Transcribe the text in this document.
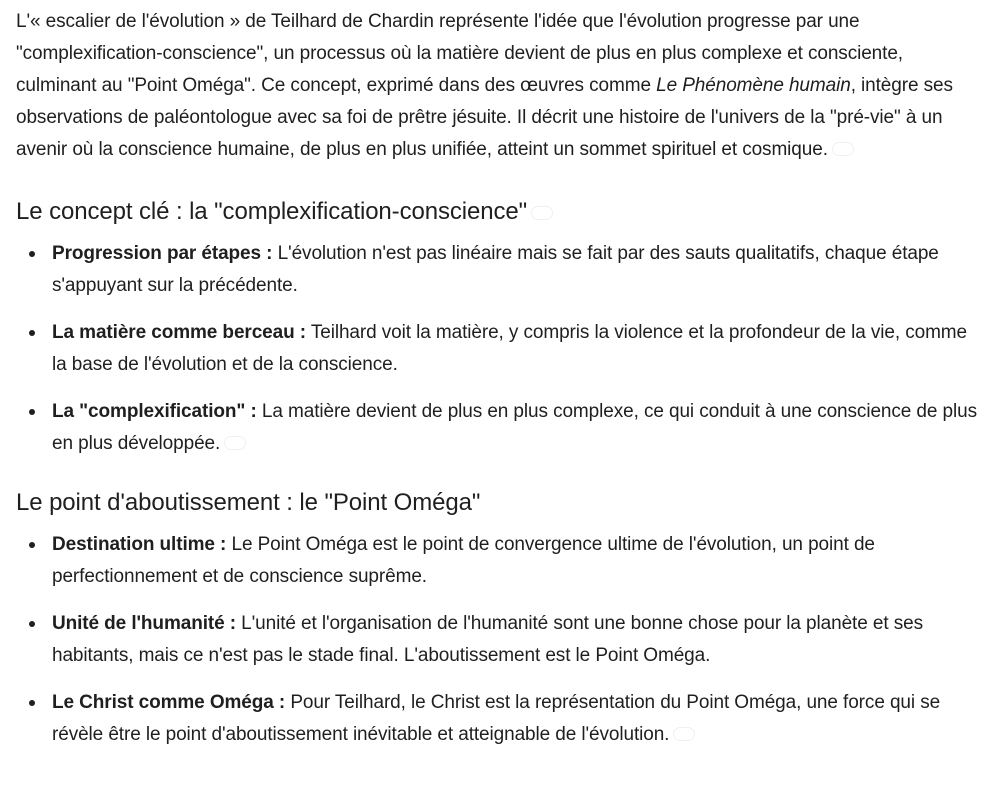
L'« escalier de l'évolution » de Teilhard de Chardin représente l'idée que l'évolution progresse par une "complexification-conscience", un processus où la matière devient de plus en plus complexe et consciente, culminant au "Point Oméga". Ce concept, exprimé dans des œuvres comme Le Phénomène humain, intègre ses observations de paléontologue avec sa foi de prêtre jésuite. Il décrit une histoire de l'univers de la "pré-vie" à un avenir où la conscience humaine, de plus en plus unifiée, atteint un sommet spirituel et cosmique.

Le concept clé : la "complexification-conscience"
Progression par étapes : L'évolution n'est pas linéaire mais se fait par des sauts qualitatifs, chaque étape s'appuyant sur la précédente.
La matière comme berceau : Teilhard voit la matière, y compris la violence et la profondeur de la vie, comme la base de l'évolution et de la conscience.
La "complexification" : La matière devient de plus en plus complexe, ce qui conduit à une conscience de plus en plus développée.
Le point d'aboutissement : le "Point Oméga"
Destination ultime : Le Point Oméga est le point de convergence ultime de l'évolution, un point de perfectionnement et de conscience suprême.
Unité de l'humanité : L'unité et l'organisation de l'humanité sont une bonne chose pour la planète et ses habitants, mais ce n'est pas le stade final. L'aboutissement est le Point Oméga.
Le Christ comme Oméga : Pour Teilhard, le Christ est la représentation du Point Oméga, une force qui se révèle être le point d'aboutissement inévitable et atteignable de l'évolution.
